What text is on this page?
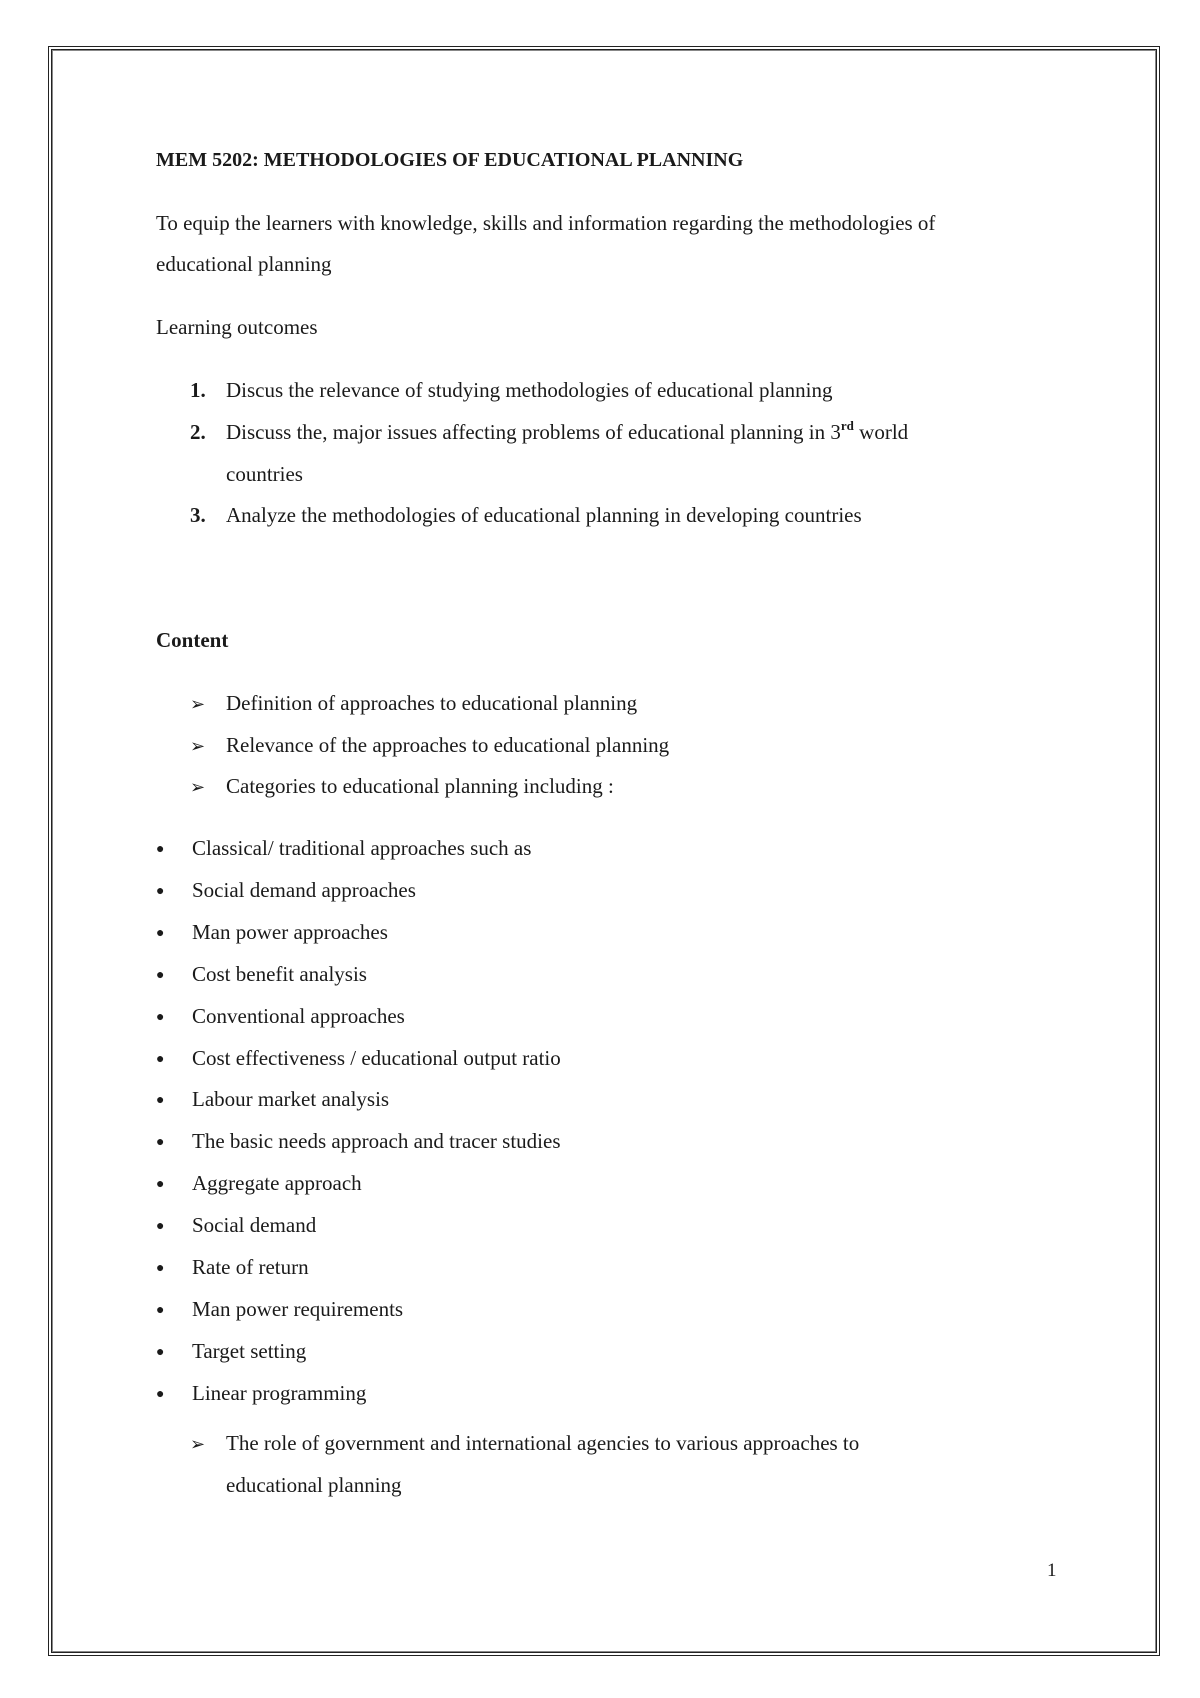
MEM 5202: METHODOLOGIES OF EDUCATIONAL PLANNING
To equip the learners with knowledge, skills and information regarding the methodologies of
educational planning
Learning outcomes
1. Discus the relevance of studying methodologies of educational planning
2. Discuss the, major issues affecting problems of educational planning in 3rd world
countries
3. Analyze the methodologies of educational planning in developing countries
Content
➢ Definition of approaches to educational planning
➢ Relevance of the approaches to educational planning
➢ Categories to educational planning including :
● Classical/ traditional approaches such as
● Social demand approaches
● Man power approaches
● Cost benefit analysis
● Conventional approaches
● Cost effectiveness / educational output ratio
● Labour market analysis
● The basic needs approach and tracer studies
● Aggregate approach
● Social demand
● Rate of return
● Man power requirements
● Target setting
● Linear programming
➢ The role of government and international agencies to various approaches to
educational planning
1
